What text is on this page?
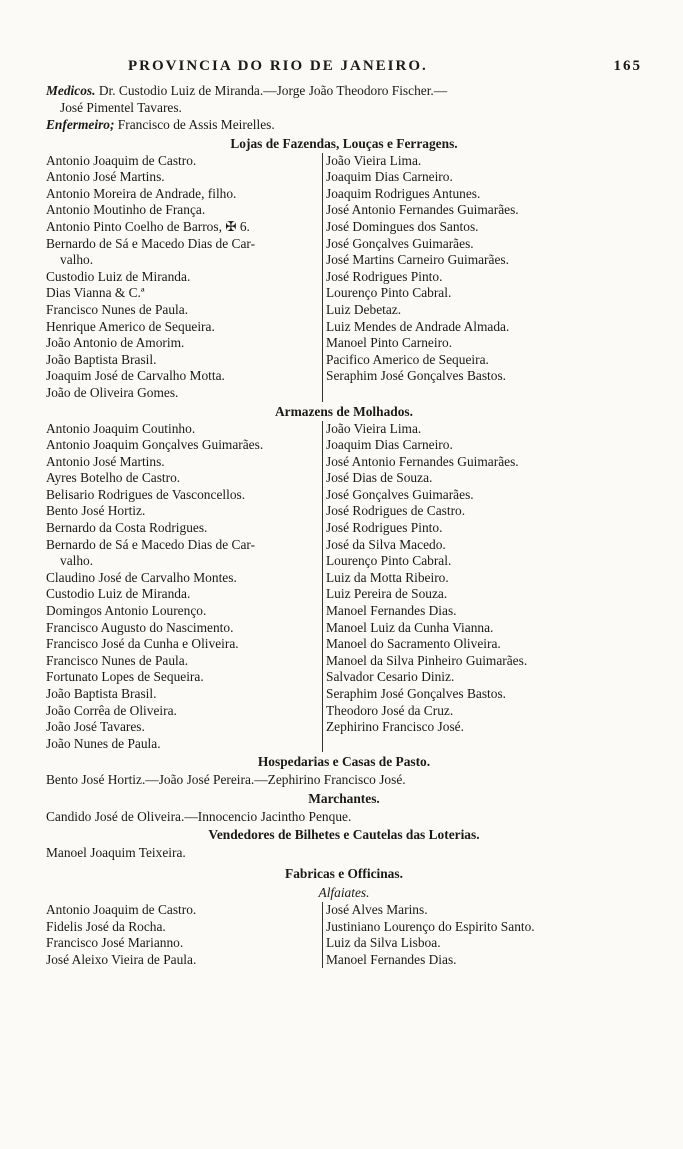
PROVINCIA DO RIO DE JANEIRO.	165
Medicos. Dr. Custodio Luiz de Miranda.—Jorge João Theodoro Fischer.—
José Pimentel Tavares.
Enfermeiro; Francisco de Assis Meirelles.
Lojas de Fazendas, Louças e Ferragens.
Antonio Joaquim de Castro.
Antonio José Martins.
Antonio Moreira de Andrade, filho.
Antonio Moutinho de França.
Antonio Pinto Coelho de Barros, ✠ 6.
Bernardo de Sá e Macedo Dias de Car-
valho.
Custodio Luiz de Miranda.
Dias Vianna & C.ª
Francisco Nunes de Paula.
Henrique Americo de Sequeira.
João Antonio de Amorim.
João Baptista Brasil.
Joaquim José de Carvalho Motta.
João de Oliveira Gomes.
João Vieira Lima.
Joaquim Dias Carneiro.
Joaquim Rodrigues Antunes.
José Antonio Fernandes Guimarães.
José Domingues dos Santos.
José Gonçalves Guimarães.
José Martins Carneiro Guimarães.
José Rodrigues Pinto.
Lourenço Pinto Cabral.
Luiz Debetaz.
Luiz Mendes de Andrade Almada.
Manoel Pinto Carneiro.
Pacifico Americo de Sequeira.
Seraphim José Gonçalves Bastos.
Armazens de Molhados.
Antonio Joaquim Coutinho.
Antonio Joaquim Gonçalves Guimarães.
Antonio José Martins.
Ayres Botelho de Castro.
Belisario Rodrigues de Vasconcellos.
Bento José Hortiz.
Bernardo da Costa Rodrigues.
Bernardo de Sá e Macedo Dias de Car-
valho.
Claudino José de Carvalho Montes.
Custodio Luiz de Miranda.
Domingos Antonio Lourenço.
Francisco Augusto do Nascimento.
Francisco José da Cunha e Oliveira.
Francisco Nunes de Paula.
Fortunato Lopes de Sequeira.
João Baptista Brasil.
João Corrêa de Oliveira.
João José Tavares.
João Nunes de Paula.
João Vieira Lima.
Joaquim Dias Carneiro.
José Antonio Fernandes Guimarães.
José Dias de Souza.
José Gonçalves Guimarães.
José Rodrigues de Castro.
José Rodrigues Pinto.
José da Silva Macedo.
Lourenço Pinto Cabral.
Luiz da Motta Ribeiro.
Luiz Pereira de Souza.
Manoel Fernandes Dias.
Manoel Luiz da Cunha Vianna.
Manoel do Sacramento Oliveira.
Manoel da Silva Pinheiro Guimarães.
Salvador Cesario Diniz.
Seraphim José Gonçalves Bastos.
Theodoro José da Cruz.
Zephirino Francisco José.
Hospedarias e Casas de Pasto.
Bento José Hortiz.—João José Pereira.—Zephirino Francisco José.
Marchantes.
Candido José de Oliveira.—Innocencio Jacintho Penque.
Vendedores de Bilhetes e Cautelas das Loterias.
Manoel Joaquim Teixeira.
Fabricas e Officinas.
Alfaiates.
Antonio Joaquim de Castro.
Fidelis José da Rocha.
Francisco José Marianno.
José Aleixo Vieira de Paula.
José Alves Marins.
Justiniano Lourenço do Espirito Santo.
Luiz da Silva Lisboa.
Manoel Fernandes Dias.
